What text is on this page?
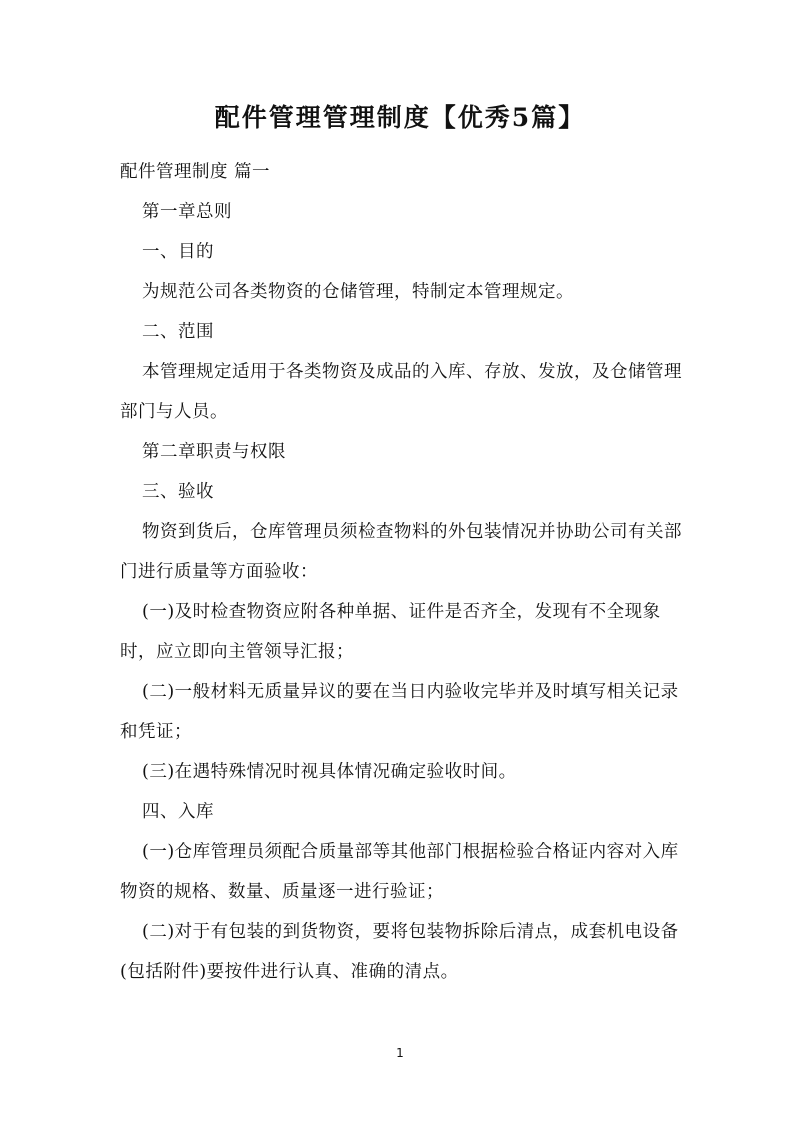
配件管理管理制度【优秀5篇】

配件管理制度 篇一

第一章总则

一、目的

为规范公司各类物资的仓储管理，特制定本管理规定。

二、范围

本管理规定适用于各类物资及成品的入库、存放、发放，及仓储管理部门与人员。

第二章职责与权限

三、验收

物资到货后，仓库管理员须检查物料的外包装情况并协助公司有关部门进行质量等方面验收：

(一)及时检查物资应附各种单据、证件是否齐全，发现有不全现象时，应立即向主管领导汇报；

(二)一般材料无质量异议的要在当日内验收完毕并及时填写相关记录和凭证；

(三)在遇特殊情况时视具体情况确定验收时间。

四、入库

(一)仓库管理员须配合质量部等其他部门根据检验合格证内容对入库物资的规格、数量、质量逐一进行验证；

(二)对于有包装的到货物资，要将包装物拆除后清点，成套机电设备(包括附件)要按件进行认真、准确的清点。

1
